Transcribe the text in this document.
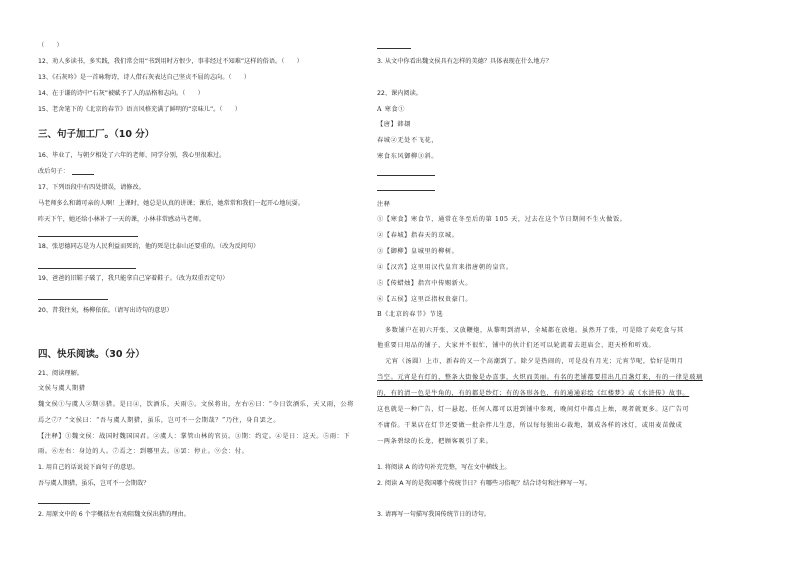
（　　）
12、劝人多读书，多实践，我们常会用“书到用时方恨少，事非经过不知难”这样的俗语。（　　）
13、《石灰吟》是一首咏物诗，诗人借石灰表达自己坚贞不屈的志向。（　　）
14、在于谦的诗中“石灰”被赋予了人的品格和志向。（　　）
15、老舍笔下的《北京的春节》语言风格充满了鲜明的“京味儿”。（　　）
三、句子加工厂。（10 分）
16、毕业了，与朝夕相处了六年的老师、同学分别，我心里很难过。
改后句子：
17、下列语段中有四处错误，请修改。
马老师多么和蔼可亲的人啊！上课时，她总是认真的讲课；课后，她常常和我们一起开心地玩耍。
昨天下午，她还给小林补了一天的课，小林非常感动马老师。
18、张思德同志是为人民利益而死的，他的死是比泰山还要重的。（改为反问句）
19、爸爸的旧鞋子破了，我只能拿自己穿着鞋子。（改为双重否定句）
20、昔我往矣，杨柳依依。（请写出诗句的意思）
四、快乐阅读。（30 分）
21、阅读理解。
文侯与虞人期猎
魏文侯①与虞人②期③猎。是日④，饮酒乐，天雨⑤。文侯将出，左右⑥曰：“今日饮酒乐，天又雨，公将
焉之⑦？”文侯曰：“吾与虞人期猎，虽乐，岂可不一会期哉？”乃往，身自罢之。
【注释】①魏文侯：战国时魏国国君。②虞人：掌管山林的官员。③期：约定。④是日：这天。⑤雨：下
雨。⑥左右：身边的人。⑦焉之：到哪里去。⑧罢：停止。⑨会：付。
1. 用自己的话说说下面句子的意思。
吾与虞人期猎，虽乐，岂可不一会期哉？
2. 用原文中的 6 个字概括左右劝阻魏文侯出猎的理由。
3. 从文中你看出魏文侯具有怎样的美德？具体表现在什么地方？
22、课内阅读。
A 寒食①
【唐】韩翃
春城②无处不飞花，
寒食东风御柳③斜。
注释
①【寒食】寒食节，通常在冬至后的第 105 天，过去在这个节日期间不生火做饭。
②【春城】指春天的京城。
③【御柳】皇城里的柳树。
④【汉宫】这里用汉代皇宫来指唐朝的皇宫。
⑤【传蜡烛】指宫中传赐新火。
⑥【五侯】这里泛指权贵豪门。
B《北京的春节》节选
多数铺户在初六开张，又放鞭炮，从黎明到清早，全城都在放炮。虽然开了张，可是除了卖吃食与其
他重要日用品的铺子，大家并不很忙，铺中的伙计们还可以轮流着去逛庙会、逛天桥和听戏。
元宵（汤圆）上市，新春的又一个高潮到了。除夕是热闹的，可是没有月光；元宵节呢，恰好是明月
当空。元宵是有灯的，整条大街像是办喜事，火炽而美丽。有名的老铺都要挂出几百盏灯来，有的一律是玻璃
的，有的清一色是牛角的，有的都是纱灯；有的各形各色，有的通通彩绘《红楼梦》或《水浒传》故事。
这也就是一种广告，灯一悬起，任何人都可以进到铺中参观，晚间灯中都点上烛，观者就更多。这广告可
不庸俗。干果店在灯节还要做一批杂拌儿生意，所以每每独出心裁地，制成各样的冰灯，或用麦苗做成
一两条碧绿的长龙，把顾客吸引了来。
1. 将阅读 A 的诗句补充完整，写在文中横线上。
2. 阅读 A 写的是我国哪个传统节日？有哪些习俗呢？结合诗句和注释写一写。
3. 请再写一句描写我国传统节日的诗句。
